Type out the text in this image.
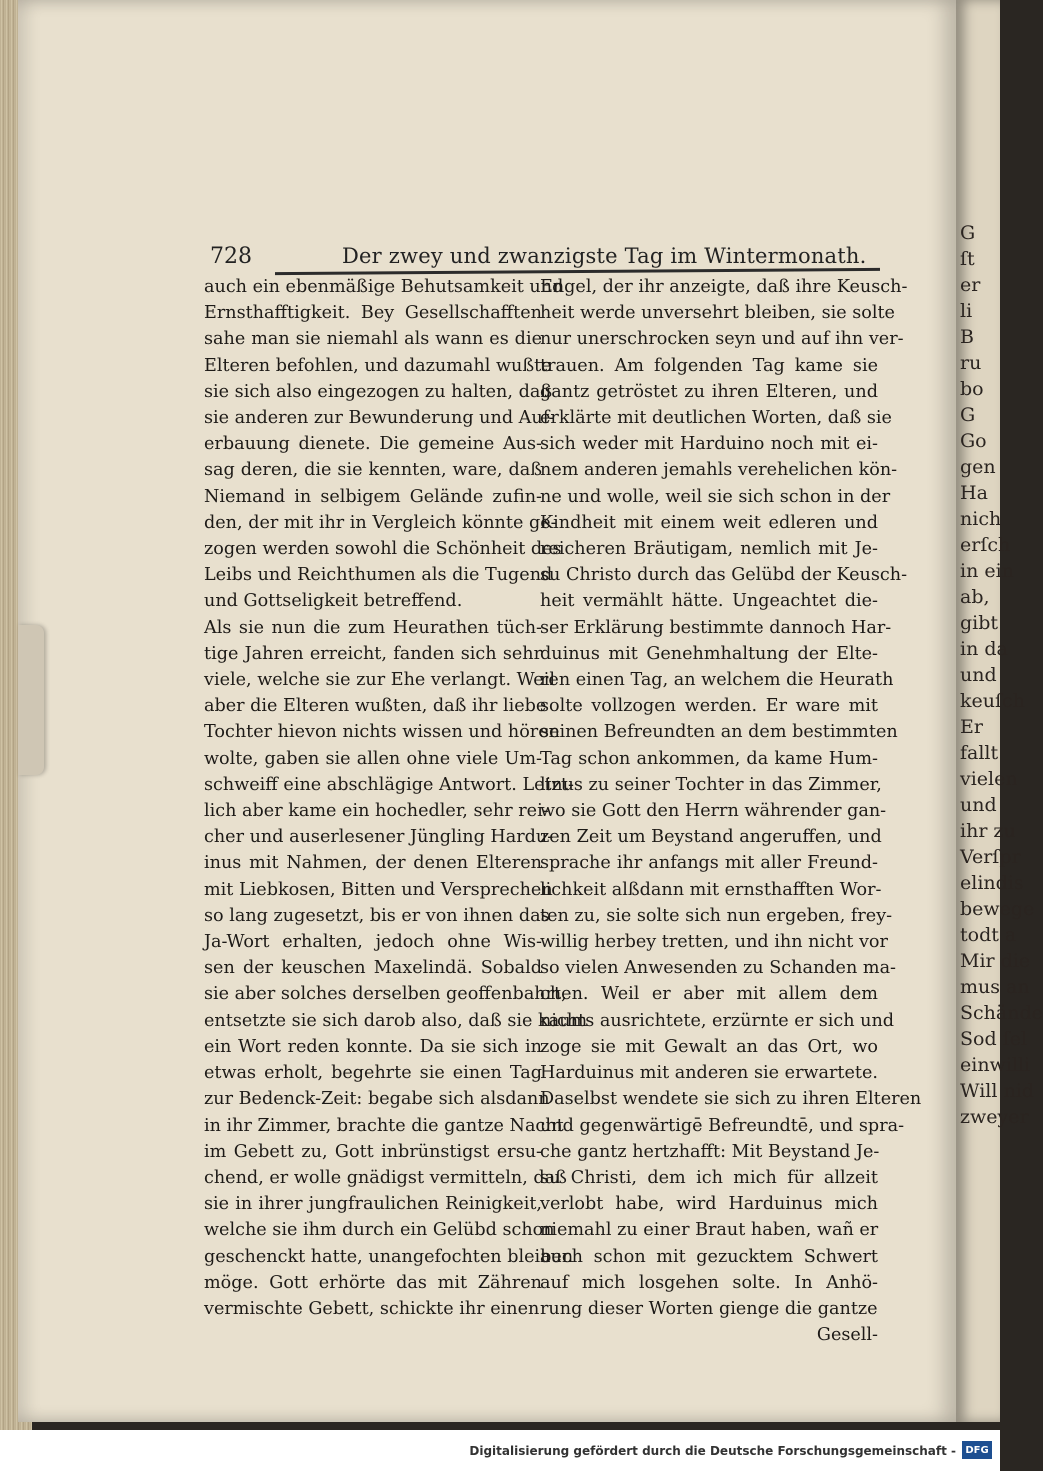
G
ſt
er
li
B
ru
bo
G
Go
gen
Ha
nich
erſch
in ein
ab,
gibt
in da
und
keuſch
Er
fallt
vielen
und
ihr zu
Verſpr
elindis
bewege
todt a
Mir die
mus an
Schände
Sod ſel
einwilli
Will nid
zweyer
728	Der zwey und zwanzigste Tag im Wintermonath.
auch ein ebenmäßige Behutsamkeit und
Ernsthafftigkeit. Bey Gesellschafften
sahe man sie niemahl als wann es die
Elteren befohlen, und dazumahl wußte
sie sich also eingezogen zu halten, daß
sie anderen zur Bewunderung und Auf-
erbauung dienete. Die gemeine Aus-
sag deren, die sie kennten, ware, daß
Niemand in selbigem Gelände zufin-
den, der mit ihr in Vergleich könnte ge-
zogen werden sowohl die Schönheit des
Leibs und Reichthumen als die Tugend
und Gottseligkeit betreffend.
Als sie nun die zum Heurathen tüch-
tige Jahren erreicht, fanden sich sehr
viele, welche sie zur Ehe verlangt. Weil
aber die Elteren wußten, daß ihr liebe
Tochter hievon nichts wissen und hören
wolte, gaben sie allen ohne viele Um-
schweiff eine abschlägige Antwort. Letzt-
lich aber kame ein hochedler, sehr rei-
cher und auserlesener Jüngling Hardu-
inus mit Nahmen, der denen Elteren
mit Liebkosen, Bitten und Versprechen
so lang zugesetzt, bis er von ihnen das
Ja-Wort erhalten, jedoch ohne Wis-
sen der keuschen Maxelindä. Sobald
sie aber solches derselben geoffenbahrt,
entsetzte sie sich darob also, daß sie kaum
ein Wort reden konnte. Da sie sich in
etwas erholt, begehrte sie einen Tag
zur Bedenck-Zeit: begabe sich alsdann
in ihr Zimmer, brachte die gantze Nacht
im Gebett zu, Gott inbrünstigst ersu-
chend, er wolle gnädigst vermitteln, daß
sie in ihrer jungfraulichen Reinigkeit,
welche sie ihm durch ein Gelübd schon
geschenckt hatte, unangefochten bleiben
möge. Gott erhörte das mit Zähren
vermischte Gebett, schickte ihr einen
Engel, der ihr anzeigte, daß ihre Keusch-
heit werde unversehrt bleiben, sie solte
nur unerschrocken seyn und auf ihn ver-
trauen. Am folgenden Tag kame sie
gantz getröstet zu ihren Elteren, und
erklärte mit deutlichen Worten, daß sie
sich weder mit Harduino noch mit ei-
nem anderen jemahls verehelichen kön-
ne und wolle, weil sie sich schon in der
Kindheit mit einem weit edleren und
reicheren Bräutigam, nemlich mit Je-
su Christo durch das Gelübd der Keusch-
heit vermählt hätte. Ungeachtet die-
ser Erklärung bestimmte dannoch Har-
duinus mit Genehmhaltung der Elte-
ren einen Tag, an welchem die Heurath
solte vollzogen werden. Er ware mit
seinen Befreundten an dem bestimmten
Tag schon ankommen, da kame Hum-
linus zu seiner Tochter in das Zimmer,
wo sie Gott den Herrn währender gan-
zen Zeit um Beystand angeruffen, und
sprache ihr anfangs mit aller Freund-
lichkeit alßdann mit ernsthafften Wor-
ten zu, sie solte sich nun ergeben, frey-
willig herbey tretten, und ihn nicht vor
so vielen Anwesenden zu Schanden ma-
chen. Weil er aber mit allem dem
nichts ausrichtete, erzürnte er sich und
zoge sie mit Gewalt an das Ort, wo
Harduinus mit anderen sie erwartete.
Daselbst wendete sie sich zu ihren Elteren
und gegenwärtigē Befreundtē, und spra-
che gantz hertzhafft: Mit Beystand Je-
su Christi, dem ich mich für allzeit
verlobt habe, wird Harduinus mich
niemahl zu einer Braut haben, wañ er
auch schon mit gezucktem Schwert
auf mich losgehen solte. In Anhö-
rung dieser Worten gienge die gantze
Gesell-
Digitalisierung gefördert durch die Deutsche Forschungsgemeinschaft - DFG
